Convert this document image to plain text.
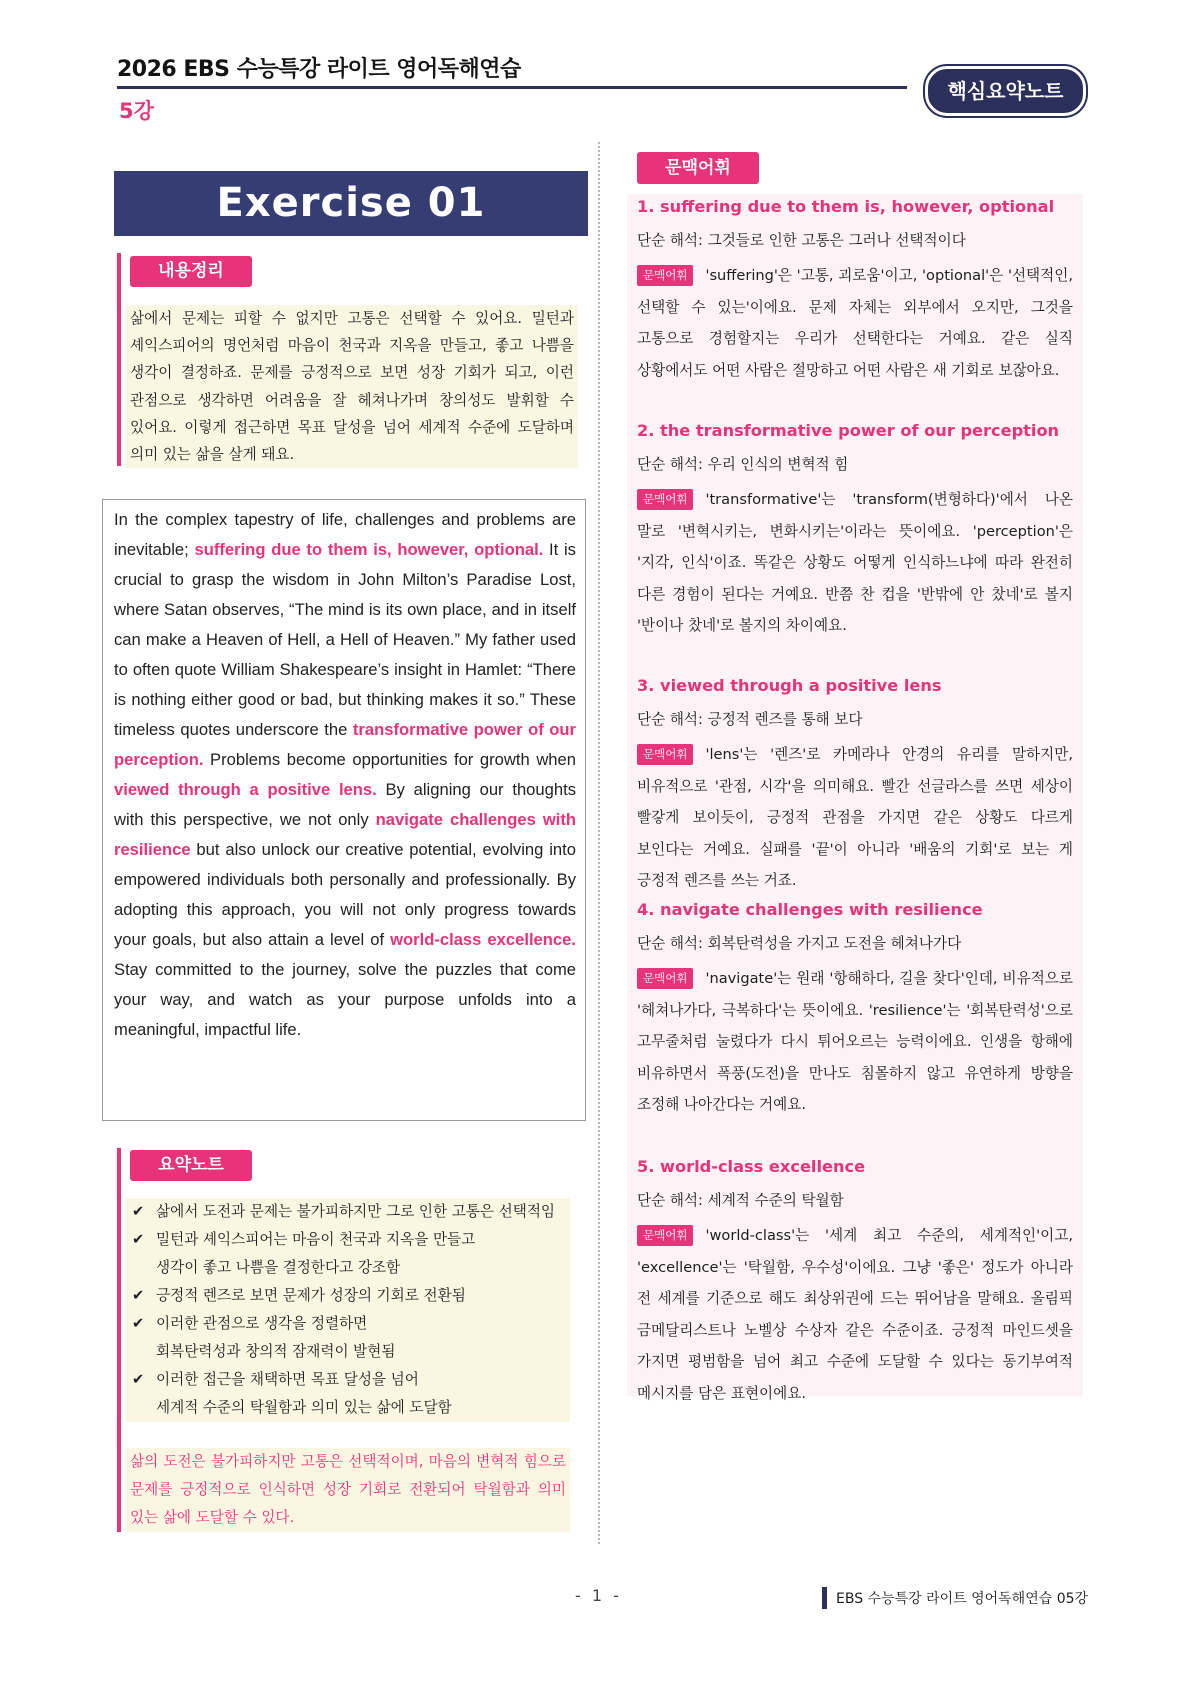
2026 EBS 수능특강 라이트 영어독해연습
5강
핵심요약노트
Exercise 01
내용정리
삶에서 문제는 피할 수 없지만 고통은 선택할 수 있어요. 밀턴과 셰익스피어의 명언처럼 마음이 천국과 지옥을 만들고, 좋고 나쁨을 생각이 결정하죠. 문제를 긍정적으로 보면 성장 기회가 되고, 이런 관점으로 생각하면 어려움을 잘 헤쳐나가며 창의성도 발휘할 수 있어요. 이렇게 접근하면 목표 달성을 넘어 세계적 수준에 도달하며 의미 있는 삶을 살게 돼요.
In the complex tapestry of life, challenges and problems are inevitable; suffering due to them is, however, optional. It is crucial to grasp the wisdom in John Milton’s Paradise Lost, where Satan observes, “The mind is its own place, and in itself can make a Heaven of Hell, a Hell of Heaven.” My father used to often quote William Shakespeare’s insight in Hamlet: “There is nothing either good or bad, but thinking makes it so.” These timeless quotes underscore the transformative power of our perception. Problems become opportunities for growth when viewed through a positive lens. By aligning our thoughts with this perspective, we not only navigate challenges with resilience but also unlock our creative potential, evolving into empowered individuals both personally and professionally. By adopting this approach, you will not only progress towards your goals, but also attain a level of world-class excellence. Stay committed to the journey, solve the puzzles that come your way, and watch as your purpose unfolds into a meaningful, impactful life.
요약노트
✔ 삶에서 도전과 문제는 불가피하지만 그로 인한 고통은 선택적임
✔ 밀턴과 셰익스피어는 마음이 천국과 지옥을 만들고
생각이 좋고 나쁨을 결정한다고 강조함
✔ 긍정적 렌즈로 보면 문제가 성장의 기회로 전환됨
✔ 이러한 관점으로 생각을 정렬하면
회복탄력성과 창의적 잠재력이 발현됨
✔ 이러한 접근을 채택하면 목표 달성을 넘어
세계적 수준의 탁월함과 의미 있는 삶에 도달함
삶의 도전은 불가피하지만 고통은 선택적이며, 마음의 변혁적 힘으로 문제를 긍정적으로 인식하면 성장 기회로 전환되어 탁월함과 의미 있는 삶에 도달할 수 있다.
문맥어휘
1. suffering due to them is, however, optional
단순 해석: 그것들로 인한 고통은 그러나 선택적이다
문맥어휘 'suffering'은 '고통, 괴로움'이고, 'optional'은 '선택적인, 선택할 수 있는'이에요. 문제 자체는 외부에서 오지만, 그것을 고통으로 경험할지는 우리가 선택한다는 거예요. 같은 실직 상황에서도 어떤 사람은 절망하고 어떤 사람은 새 기회로 보잖아요.
2. the transformative power of our perception
단순 해석: 우리 인식의 변혁적 힘
문맥어휘 'transformative'는 'transform(변형하다)'에서 나온 말로 '변혁시키는, 변화시키는'이라는 뜻이에요. 'perception'은 '지각, 인식'이죠. 똑같은 상황도 어떻게 인식하느냐에 따라 완전히 다른 경험이 된다는 거예요. 반쯤 찬 컵을 '반밖에 안 찼네'로 볼지 '반이나 찼네'로 볼지의 차이예요.
3. viewed through a positive lens
단순 해석: 긍정적 렌즈를 통해 보다
문맥어휘 'lens'는 '렌즈'로 카메라나 안경의 유리를 말하지만, 비유적으로 '관점, 시각'을 의미해요. 빨간 선글라스를 쓰면 세상이 빨갛게 보이듯이, 긍정적 관점을 가지면 같은 상황도 다르게 보인다는 거예요. 실패를 '끝'이 아니라 '배움의 기회'로 보는 게 긍정적 렌즈를 쓰는 거죠.
4. navigate challenges with resilience
단순 해석: 회복탄력성을 가지고 도전을 헤쳐나가다
문맥어휘 'navigate'는 원래 '항해하다, 길을 찾다'인데, 비유적으로 '헤쳐나가다, 극복하다'는 뜻이에요. 'resilience'는 '회복탄력성'으로 고무줄처럼 눌렸다가 다시 튀어오르는 능력이에요. 인생을 항해에 비유하면서 폭풍(도전)을 만나도 침몰하지 않고 유연하게 방향을 조정해 나아간다는 거예요.
5. world-class excellence
단순 해석: 세계적 수준의 탁월함
문맥어휘 'world-class'는 '세계 최고 수준의, 세계적인'이고, 'excellence'는 '탁월함, 우수성'이에요. 그냥 '좋은' 정도가 아니라 전 세계를 기준으로 해도 최상위권에 드는 뛰어남을 말해요. 올림픽 금메달리스트나 노벨상 수상자 같은 수준이죠. 긍정적 마인드셋을 가지면 평범함을 넘어 최고 수준에 도달할 수 있다는 동기부여적 메시지를 담은 표현이에요.
- 1 -	EBS 수능특강 라이트 영어독해연습 05강
